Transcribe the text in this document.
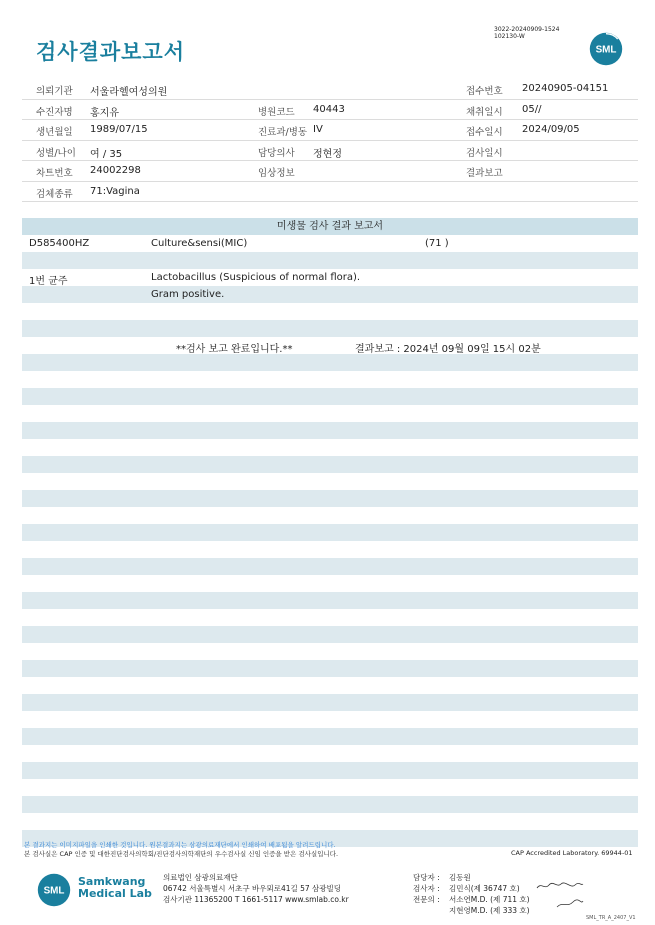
3022-20240909-1524
102130-W
검사결과보고서	SML
의뢰기관 서울라헬여성의원	접수번호 20240905-04151
수진자명 홍지유	병원코드 40443	채취일시 05//
생년월일 1989/07/15	진료과/병동 IV	접수일시 2024/09/05
성별/나이 여 / 35	담당의사 정현정	검사일시
차트번호 24002298	임상정보	결과보고
검체종류 71:Vagina
미생물 검사 결과 보고서
D585400HZ	Culture&sensi(MIC)	(71 )
1번 균주	Lactobacillus (Suspicious of normal flora).
Gram positive.
**검사 보고 완료입니다.**	결과보고 : 2024년 09월 09일 15시 02분
본 결과지는 이미지파일을 인쇄한 것입니다. 원본결과지는 삼광의료재단에서 인쇄하여 배포됨을 알려드립니다.
본 검사실은 CAP 인증 및 대한진단검사의학회/진단검사의학재단의 우수검사실 신임 인증을 받은 검사실입니다.	CAP Accredited Laboratory. 69944-01
SML
Samkwang
Medical Lab
의료법인 삼광의료재단
06742 서울특별시 서초구 바우뫼로41길 57 삼광빌딩
검사기관 11365200 T 1661-5117 www.smlab.co.kr
담당자 : 김동원
검사자 : 김민식(제 36747 호)
전문의 : 서소연M.D. (제 711 호)
지현영M.D. (제 333 호)
SML_TR_A_2407_V1
